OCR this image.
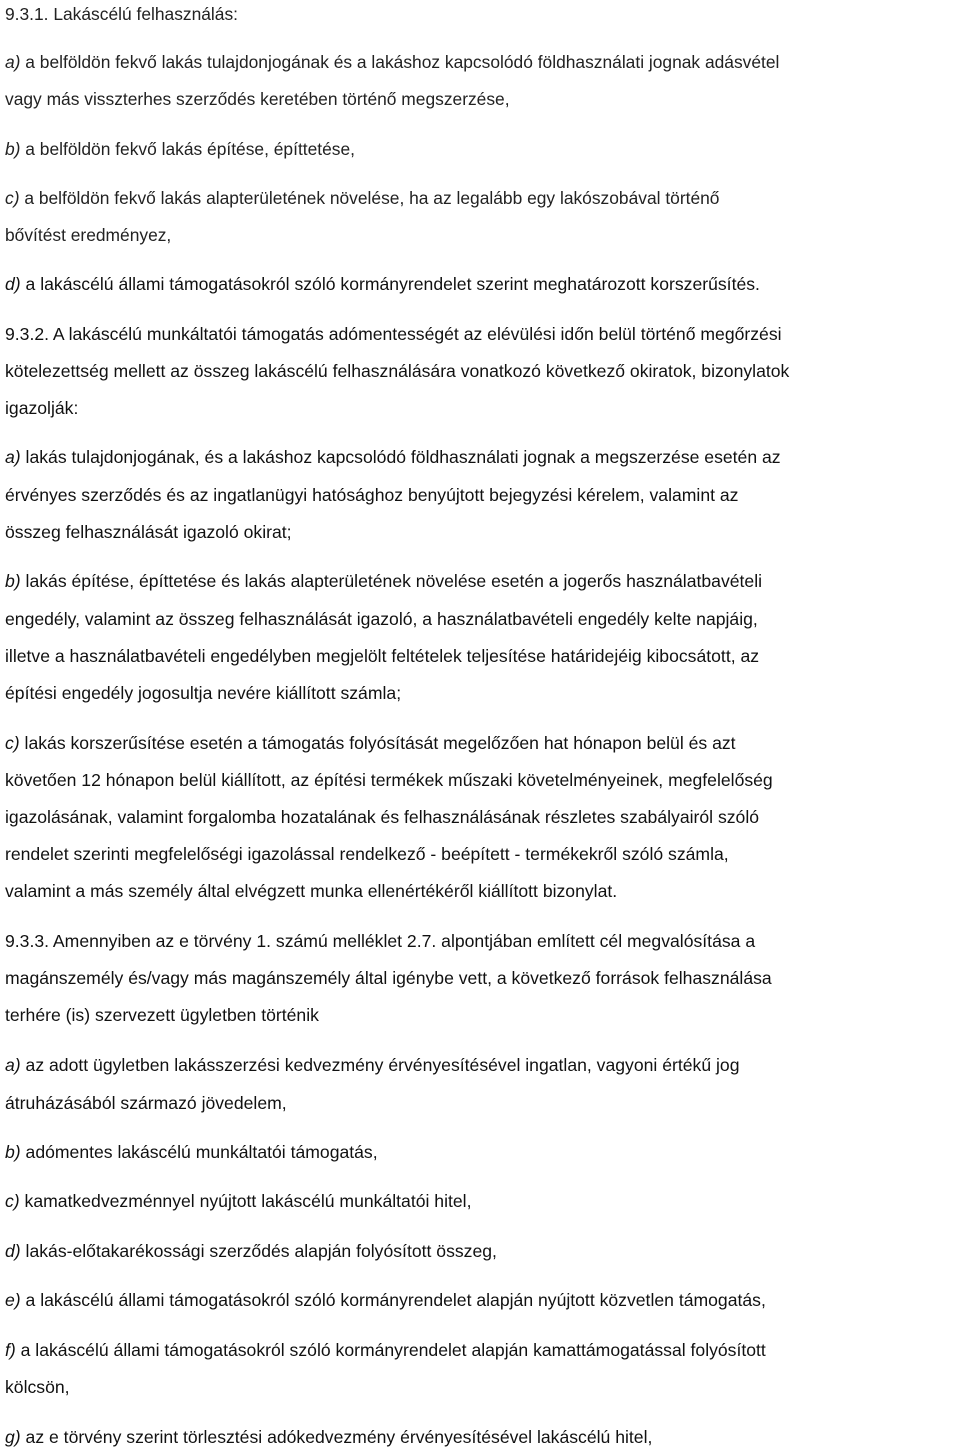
9.3.1. Lakáscélú felhasználás:
a) a belföldön fekvő lakás tulajdonjogának és a lakáshoz kapcsolódó földhasználati jognak adásvétel
vagy más visszterhes szerződés keretében történő megszerzése,
b) a belföldön fekvő lakás építése, építtetése,
c) a belföldön fekvő lakás alapterületének növelése, ha az legalább egy lakószobával történő
bővítést eredményez,
d) a lakáscélú állami támogatásokról szóló kormányrendelet szerint meghatározott korszerűsítés.
9.3.2. A lakáscélú munkáltatói támogatás adómentességét az elévülési időn belül történő megőrzési
kötelezettség mellett az összeg lakáscélú felhasználására vonatkozó következő okiratok, bizonylatok
igazolják:
a) lakás tulajdonjogának, és a lakáshoz kapcsolódó földhasználati jognak a megszerzése esetén az
érvényes szerződés és az ingatlanügyi hatósághoz benyújtott bejegyzési kérelem, valamint az
összeg felhasználását igazoló okirat;
b) lakás építése, építtetése és lakás alapterületének növelése esetén a jogerős használatbavételi
engedély, valamint az összeg felhasználását igazoló, a használatbavételi engedély kelte napjáig,
illetve a használatbavételi engedélyben megjelölt feltételek teljesítése határidejéig kibocsátott, az
építési engedély jogosultja nevére kiállított számla;
c) lakás korszerűsítése esetén a támogatás folyósítását megelőzően hat hónapon belül és azt
követően 12 hónapon belül kiállított, az építési termékek műszaki követelményeinek, megfelelőség
igazolásának, valamint forgalomba hozatalának és felhasználásának részletes szabályairól szóló
rendelet szerinti megfelelőségi igazolással rendelkező - beépített - termékekről szóló számla,
valamint a más személy által elvégzett munka ellenértékéről kiállított bizonylat.
9.3.3. Amennyiben az e törvény 1. számú melléklet 2.7. alpontjában említett cél megvalósítása a
magánszemély és/vagy más magánszemély által igénybe vett, a következő források felhasználása
terhére (is) szervezett ügyletben történik
a) az adott ügyletben lakásszerzési kedvezmény érvényesítésével ingatlan, vagyoni értékű jog
átruházásából származó jövedelem,
b) adómentes lakáscélú munkáltatói támogatás,
c) kamatkedvezménnyel nyújtott lakáscélú munkáltatói hitel,
d) lakás-előtakarékossági szerződés alapján folyósított összeg,
e) a lakáscélú állami támogatásokról szóló kormányrendelet alapján nyújtott közvetlen támogatás,
f) a lakáscélú állami támogatásokról szóló kormányrendelet alapján kamattámogatással folyósított
kölcsön,
g) az e törvény szerint törlesztési adókedvezmény érvényesítésével lakáscélú hitel,
